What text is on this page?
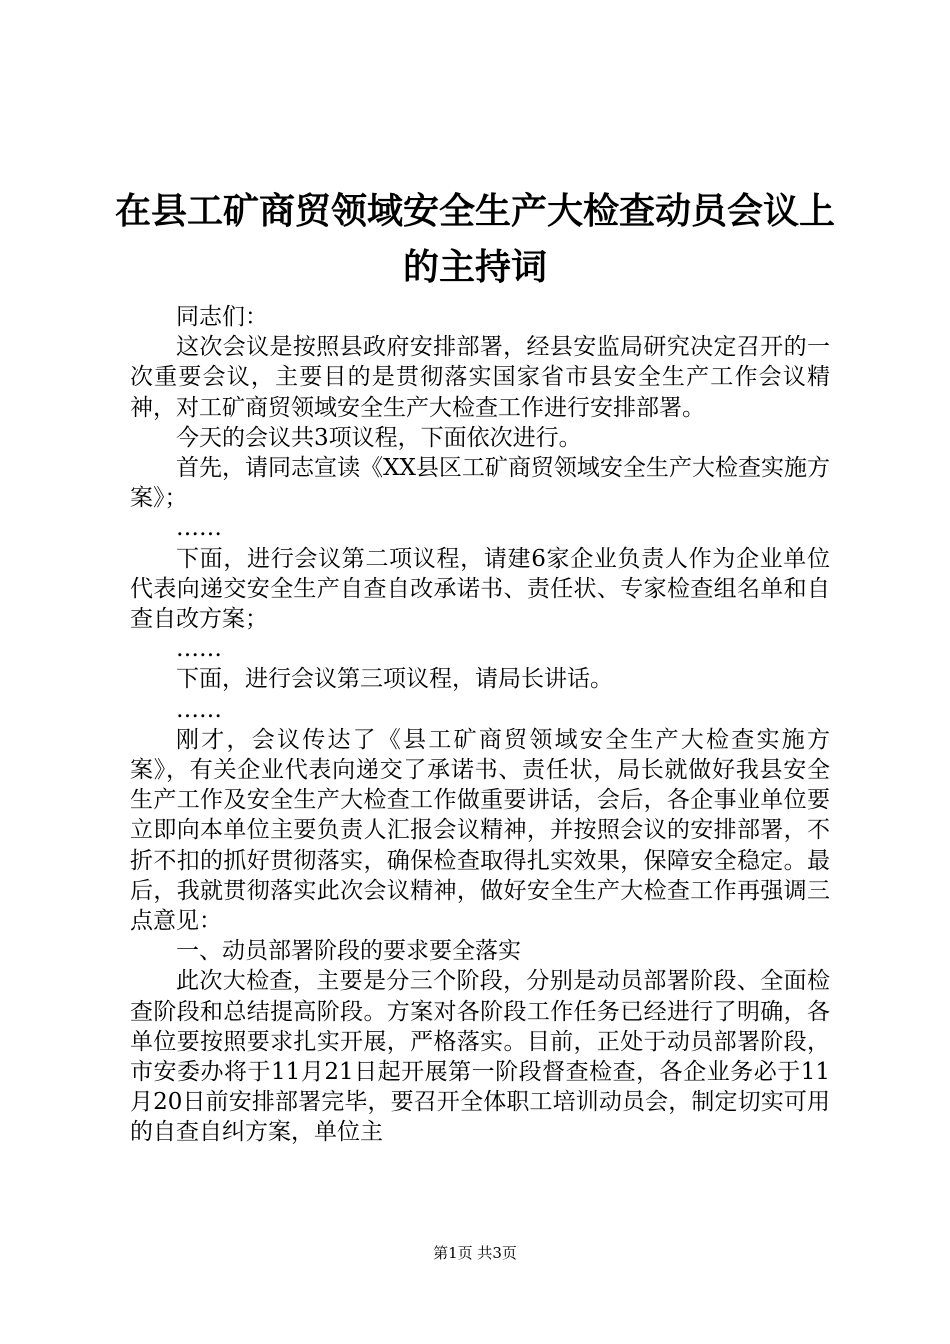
在县工矿商贸领域安全生产大检查动员会议上
的主持词

同志们：

这次会议是按照县政府安排部署，经县安监局研究决定召开的一次重要会议，主要目的是贯彻落实国家省市县安全生产工作会议精神，对工矿商贸领域安全生产大检查工作进行安排部署。

今天的会议共3项议程，下面依次进行。

首先，请同志宣读《XX县区工矿商贸领域安全生产大检查实施方案》；

……

下面，进行会议第二项议程，请建6家企业负责人作为企业单位代表向递交安全生产自查自改承诺书、责任状、专家检查组名单和自查自改方案；

……

下面，进行会议第三项议程，请局长讲话。

……

刚才，会议传达了《县工矿商贸领域安全生产大检查实施方案》，有关企业代表向递交了承诺书、责任状，局长就做好我县安全生产工作及安全生产大检查工作做重要讲话，会后，各企事业单位要立即向本单位主要负责人汇报会议精神，并按照会议的安排部署，不折不扣的抓好贯彻落实，确保检查取得扎实效果，保障安全稳定。最后，我就贯彻落实此次会议精神，做好安全生产大检查工作再强调三点意见：

一、动员部署阶段的要求要全落实

此次大检查，主要是分三个阶段，分别是动员部署阶段、全面检查阶段和总结提高阶段。方案对各阶段工作任务已经进行了明确，各单位要按照要求扎实开展，严格落实。目前，正处于动员部署阶段，市安委办将于11月21日起开展第一阶段督查检查，各企业务必于11月20日前安排部署完毕，要召开全体职工培训动员会，制定切实可用的自查自纠方案，单位主

第1页 共3页
